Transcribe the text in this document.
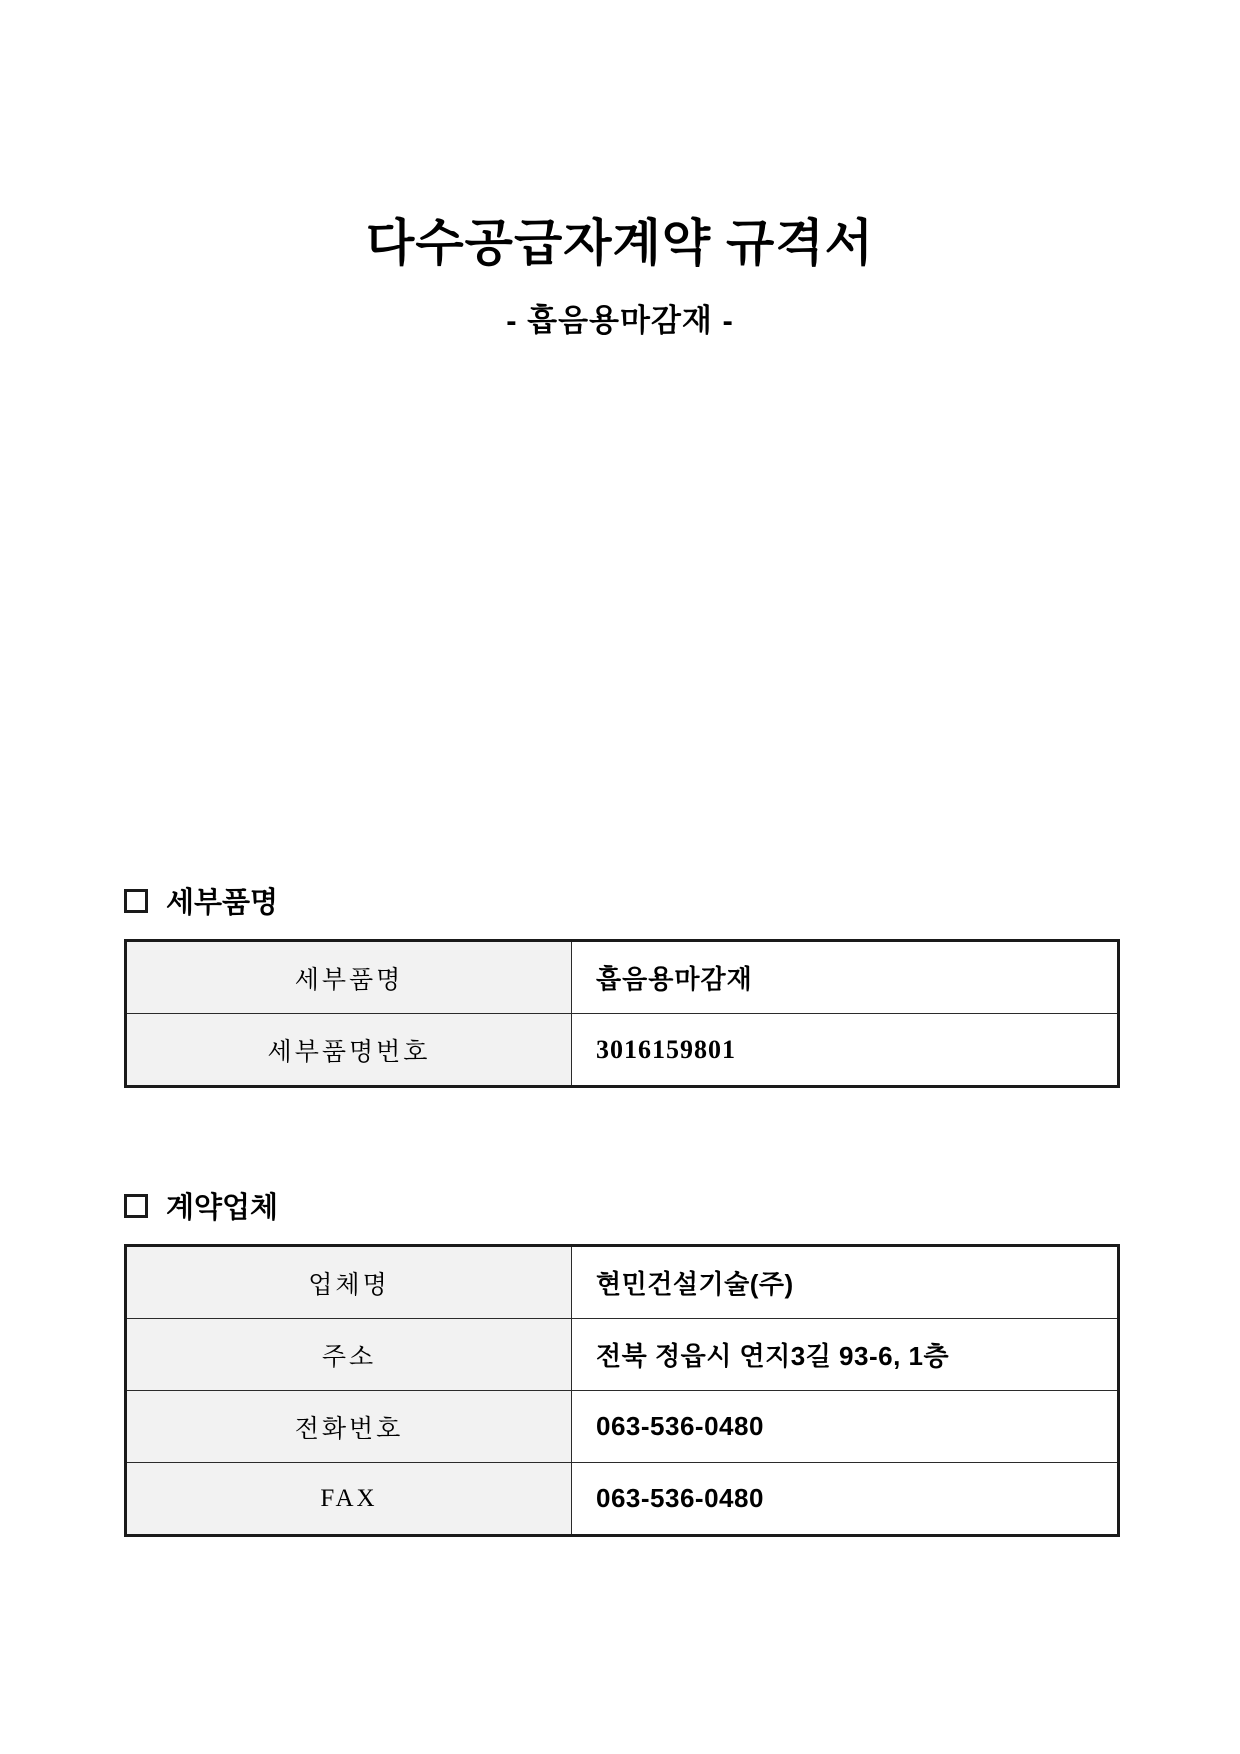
다수공급자계약 규격서
- 흡음용마감재 -
세부품명
세부품명	흡음용마감재
세부품명번호	3016159801
계약업체
업체명	현민건설기술(주)
주소	전북 정읍시 연지3길 93-6, 1층
전화번호	063-536-0480
FAX	063-536-0480
